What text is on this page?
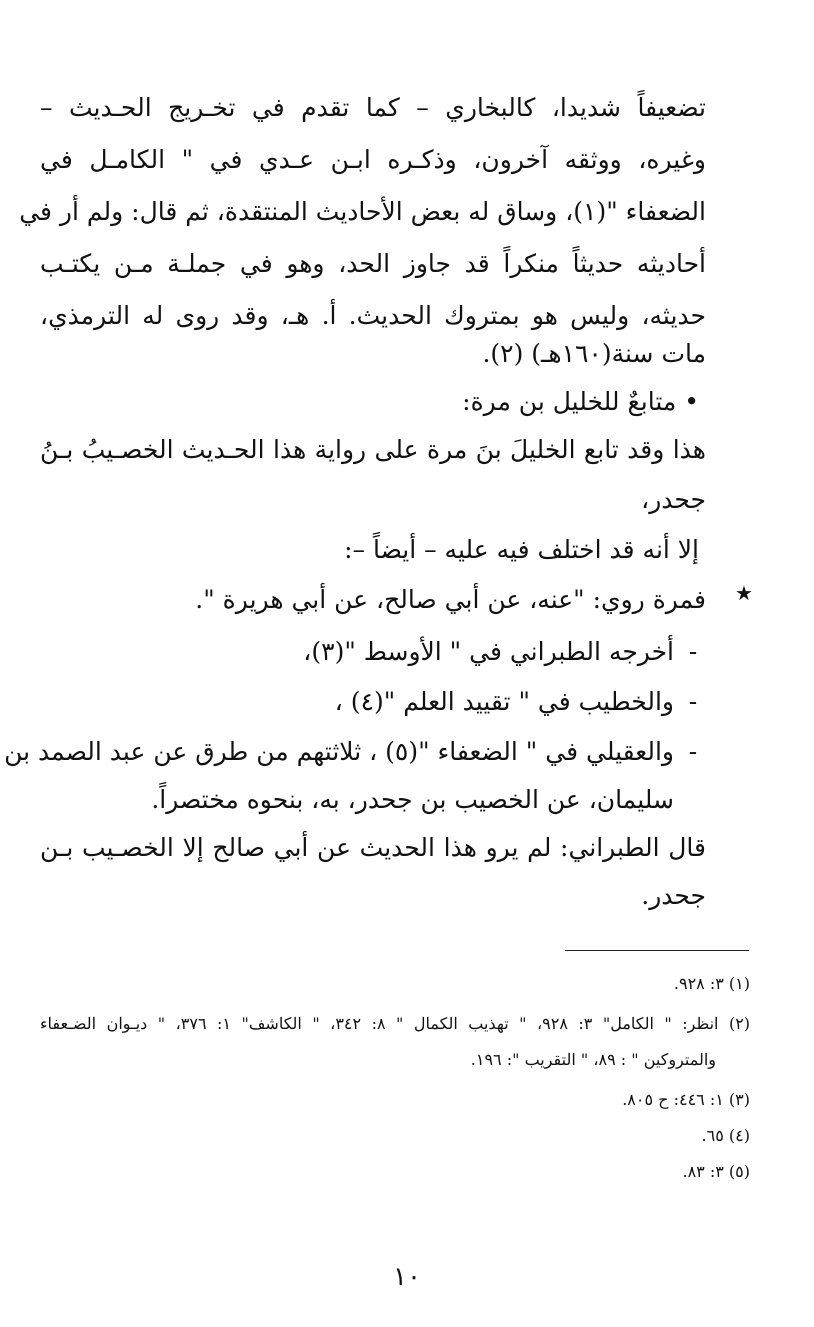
تضعيفاً شديدا، كالبخاري – كما تقدم في تخـريج الحـديث –
وغيره، ووثقه آخرون، وذكـره ابـن عـدي في " الكامـل في
الضعفاء "(١)، وساق له بعض الأحاديث المنتقدة، ثم قال: ولم أر في
أحاديثه حديثاً منكراً قد جاوز الحد، وهو في جملـة مـن يكتـب
حديثه، وليس هو بمتروك الحديث. أ. هـ، وقد روى له الترمذي،
مات سنة(١٦٠هـ) (٢).
• متابعٌ للخليل بن مرة:
هذا وقد تابع الخليلَ بنَ مرة على رواية هذا الحـديث الخصـيبُ بـنُ
جحدر،
إلا أنه قد اختلف فيه عليه – أيضاً –:
فمرة روي: "عنه، عن أبي صالح، عن أبي هريرة ". ★
-
أخرجه الطبراني في " الأوسط "(٣)،
-
والخطيب في " تقييد العلم "(٤) ،
-
والعقيلي في " الضعفاء "(٥) ، ثلاثتهم من طرق عن عبد الصمد بن
سليمان، عن الخصيب بن جحدر، به، بنحوه مختصراً.
قال الطبراني: لم يرو هذا الحديث عن أبي صالح إلا الخصـيب بـن
جحدر.
(١) ٣: ٩٢٨.
(٢) انظر: " الكامل" ٣: ٩٢٨، " تهذيب الكمال " ٨: ٣٤٢، " الكاشف" ١: ٣٧٦، " ديـوان الضـعفاء
والمتروكين " : ٨٩، " التقريب ": ١٩٦.
(٣) ١: ٤٤٦: ح ٨٠٥.
(٤) ٦٥.
(٥) ٣: ٨٣.
١٠
